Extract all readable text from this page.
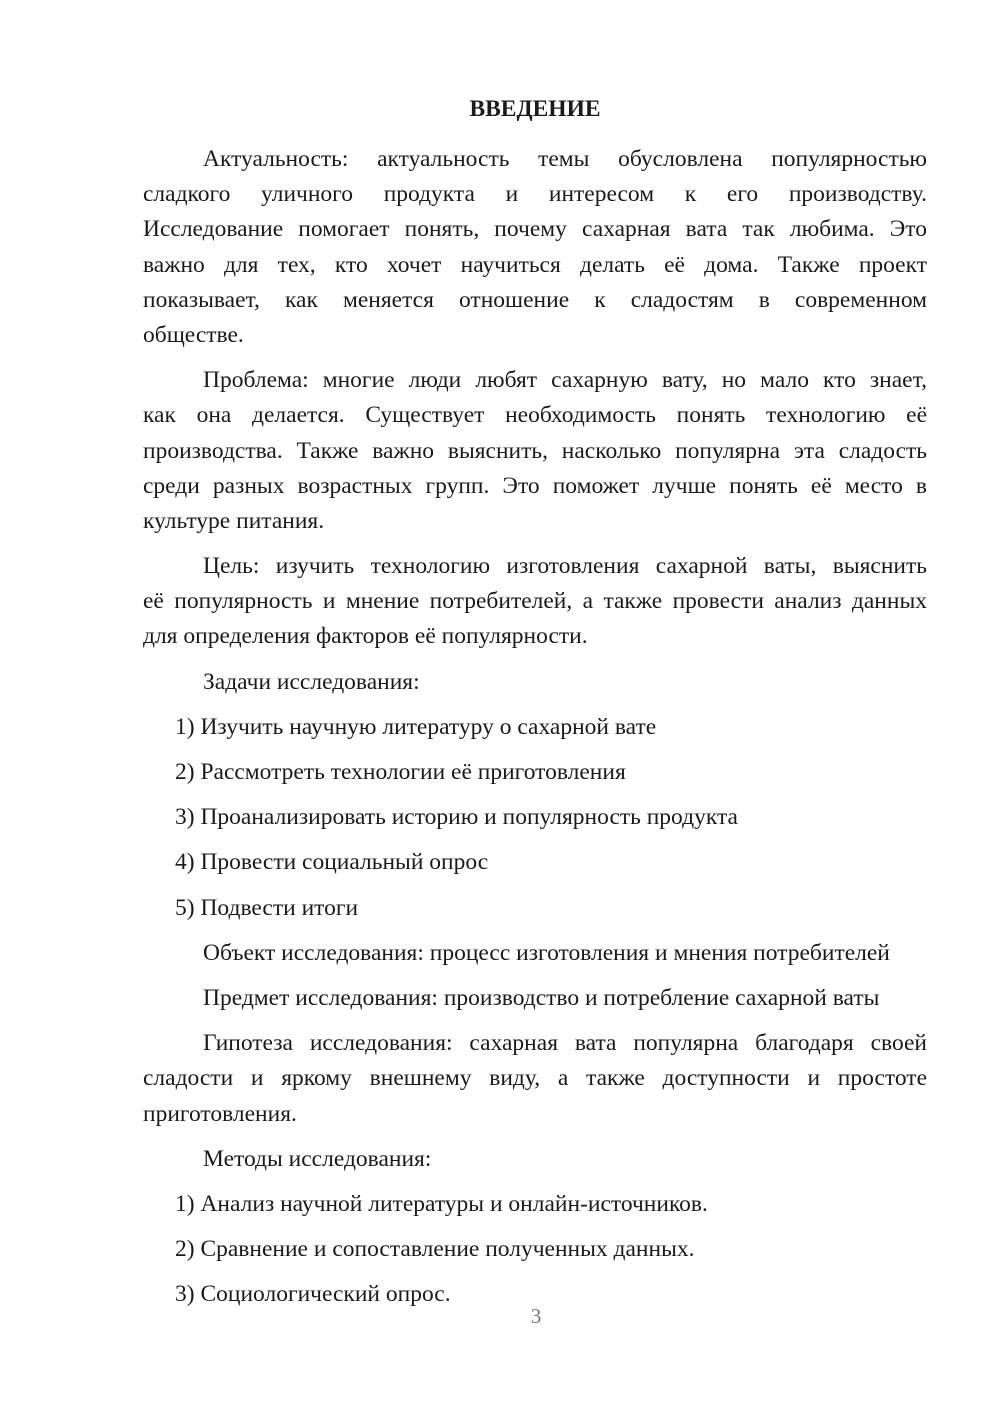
ВВЕДЕНИЕ
Актуальность: актуальность темы обусловлена популярностью
сладкого уличного продукта и интересом к его производству.
Исследование помогает понять, почему сахарная вата так любима. Это
важно для тех, кто хочет научиться делать её дома. Также проект
показывает, как меняется отношение к сладостям в современном
обществе.
Проблема: многие люди любят сахарную вату, но мало кто знает,
как она делается. Существует необходимость понять технологию её
производства. Также важно выяснить, насколько популярна эта сладость
среди разных возрастных групп. Это поможет лучше понять её место в
культуре питания.
Цель: изучить технологию изготовления сахарной ваты, выяснить
её популярность и мнение потребителей, а также провести анализ данных
для определения факторов её популярности.
Задачи исследования:
1) Изучить научную литературу о сахарной вате
2) Рассмотреть технологии её приготовления
3) Проанализировать историю и популярность продукта
4) Провести социальный опрос
5) Подвести итоги
Объект исследования: процесс изготовления и мнения потребителей
Предмет исследования: производство и потребление сахарной ваты
Гипотеза исследования: сахарная вата популярна благодаря своей
сладости и яркому внешнему виду, а также доступности и простоте
приготовления.
Методы исследования:
1) Анализ научной литературы и онлайн-источников.
2) Сравнение и сопоставление полученных данных.
3) Социологический опрос.
3
